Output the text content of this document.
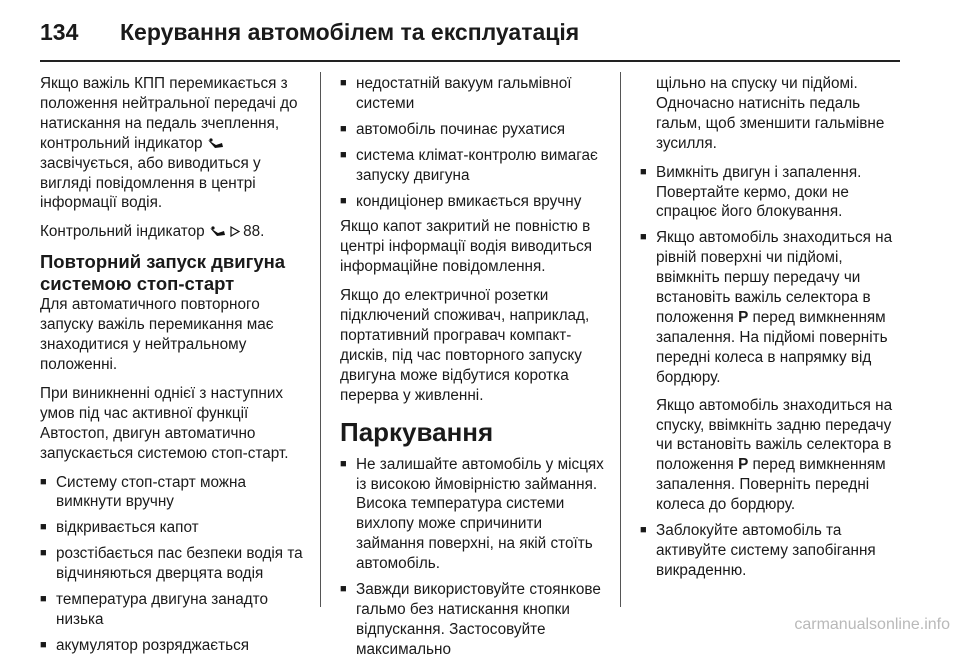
134	Керування автомобілем та експлуатація

Якщо важіль КПП перемикається з положення нейтральної передачі до натискання на педаль зчеплення, контрольний індикатор  засвічується, або виводиться у вигляді повідомлення в центрі інформації водія.

Контрольний індикатор	88.

Повторний запуск двигуна системою стоп-старт

Для автоматичного повторного запуску важіль перемикання має знаходитися у нейтральному положенні.

При виникненні однієї з наступних умов під час активної функції Автостоп, двигун автоматично запускається системою стоп-старт.

■ Систему стоп-старт можна вимкнути вручну
■ відкривається капот
■ розстібається пас безпеки водія та відчиняються дверцята водія
■ температура двигуна занадто низька
■ акумулятор розряджається
■ недостатній вакуум гальмівної системи
■ автомобіль починає рухатися
■ система клімат-контролю вимагає запуску двигуна
■ кондиціонер вмикається вручну

Якщо капот закритий не повністю в центрі інформації водія виводиться інформаційне повідомлення.

Якщо до електричної розетки підключений споживач, наприклад, портативний програвач компакт-дисків, під час повторного запуску двигуна може відбутися коротка перерва у живленні.

Паркування
■ Не залишайте автомобіль у місцях із високою ймовірністю займання. Висока температура системи вихлопу може спричинити займання поверхні, на якій стоїть автомобіль.
■ Завжди використовуйте стоянкове гальмо без натискання кнопки відпускання. Застосовуйте максимально

щільно на спуску чи підйомі. Одночасно натисніть педаль гальм, щоб зменшити гальмівне зусилля.

■ Вимкніть двигун і запалення. Повертайте кермо, доки не спрацює його блокування.
■ Якщо автомобіль знаходиться на рівній поверхні чи підйомі, ввімкніть першу передачу чи встановіть важіль селектора в положення P перед вимкненням запалення. На підйомі поверніть передні колеса в напрямку від бордюру.
Якщо автомобіль знаходиться на спуску, ввімкніть задню передачу чи встановіть важіль селектора в положення P перед вимкненням запалення. Поверніть передні колеса до бордюру.
■ Заблокуйте автомобіль та активуйте систему запобігання викраденню.
carmanualsonline.info
